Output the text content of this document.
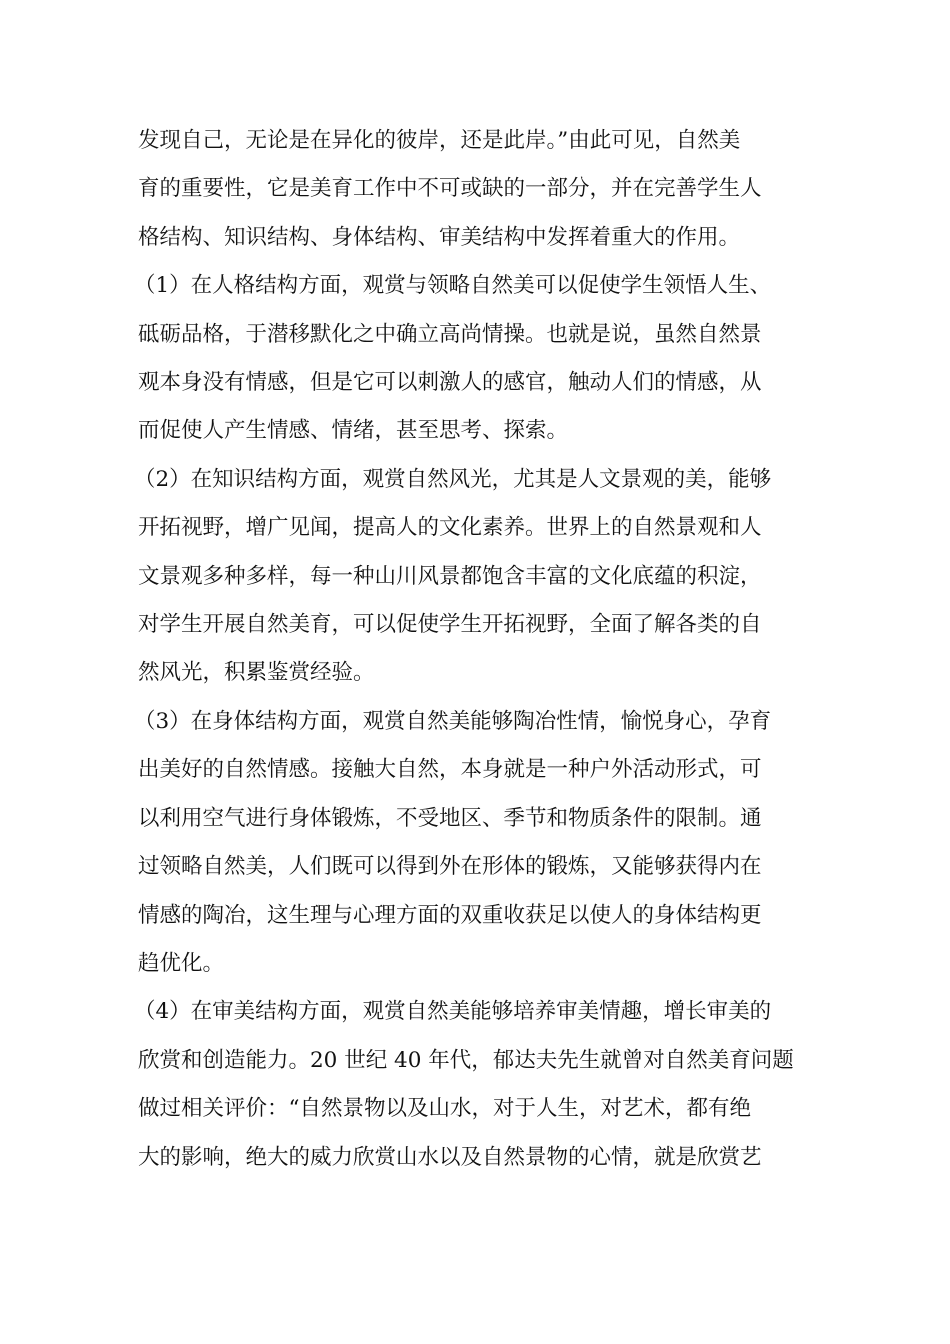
发现自己，无论是在异化的彼岸，还是此岸。”由此可见，自然美
育的重要性，它是美育工作中不可或缺的一部分，并在完善学生人
格结构、知识结构、身体结构、审美结构中发挥着重大的作用。

（1）在人格结构方面，观赏与领略自然美可以促使学生领悟人生、
砥砺品格，于潜移默化之中确立高尚情操。也就是说，虽然自然景
观本身没有情感，但是它可以刺激人的感官，触动人们的情感，从
而促使人产生情感、情绪，甚至思考、探索。

（2）在知识结构方面，观赏自然风光，尤其是人文景观的美，能够
开拓视野，增广见闻，提高人的文化素养。世界上的自然景观和人
文景观多种多样，每一种山川风景都饱含丰富的文化底蕴的积淀，
对学生开展自然美育，可以促使学生开拓视野，全面了解各类的自
然风光，积累鉴赏经验。

（3）在身体结构方面，观赏自然美能够陶冶性情，愉悦身心，孕育
出美好的自然情感。接触大自然，本身就是一种户外活动形式，可
以利用空气进行身体锻炼，不受地区、季节和物质条件的限制。通
过领略自然美，人们既可以得到外在形体的锻炼，又能够获得内在
情感的陶冶，这生理与心理方面的双重收获足以使人的身体结构更
趋优化。

（4）在审美结构方面，观赏自然美能够培养审美情趣，增长审美的
欣赏和创造能力。20 世纪 40 年代，郁达夫先生就曾对自然美育问题
做过相关评价：“自然景物以及山水，对于人生，对艺术，都有绝
大的影响，绝大的威力欣赏山水以及自然景物的心情，就是欣赏艺
